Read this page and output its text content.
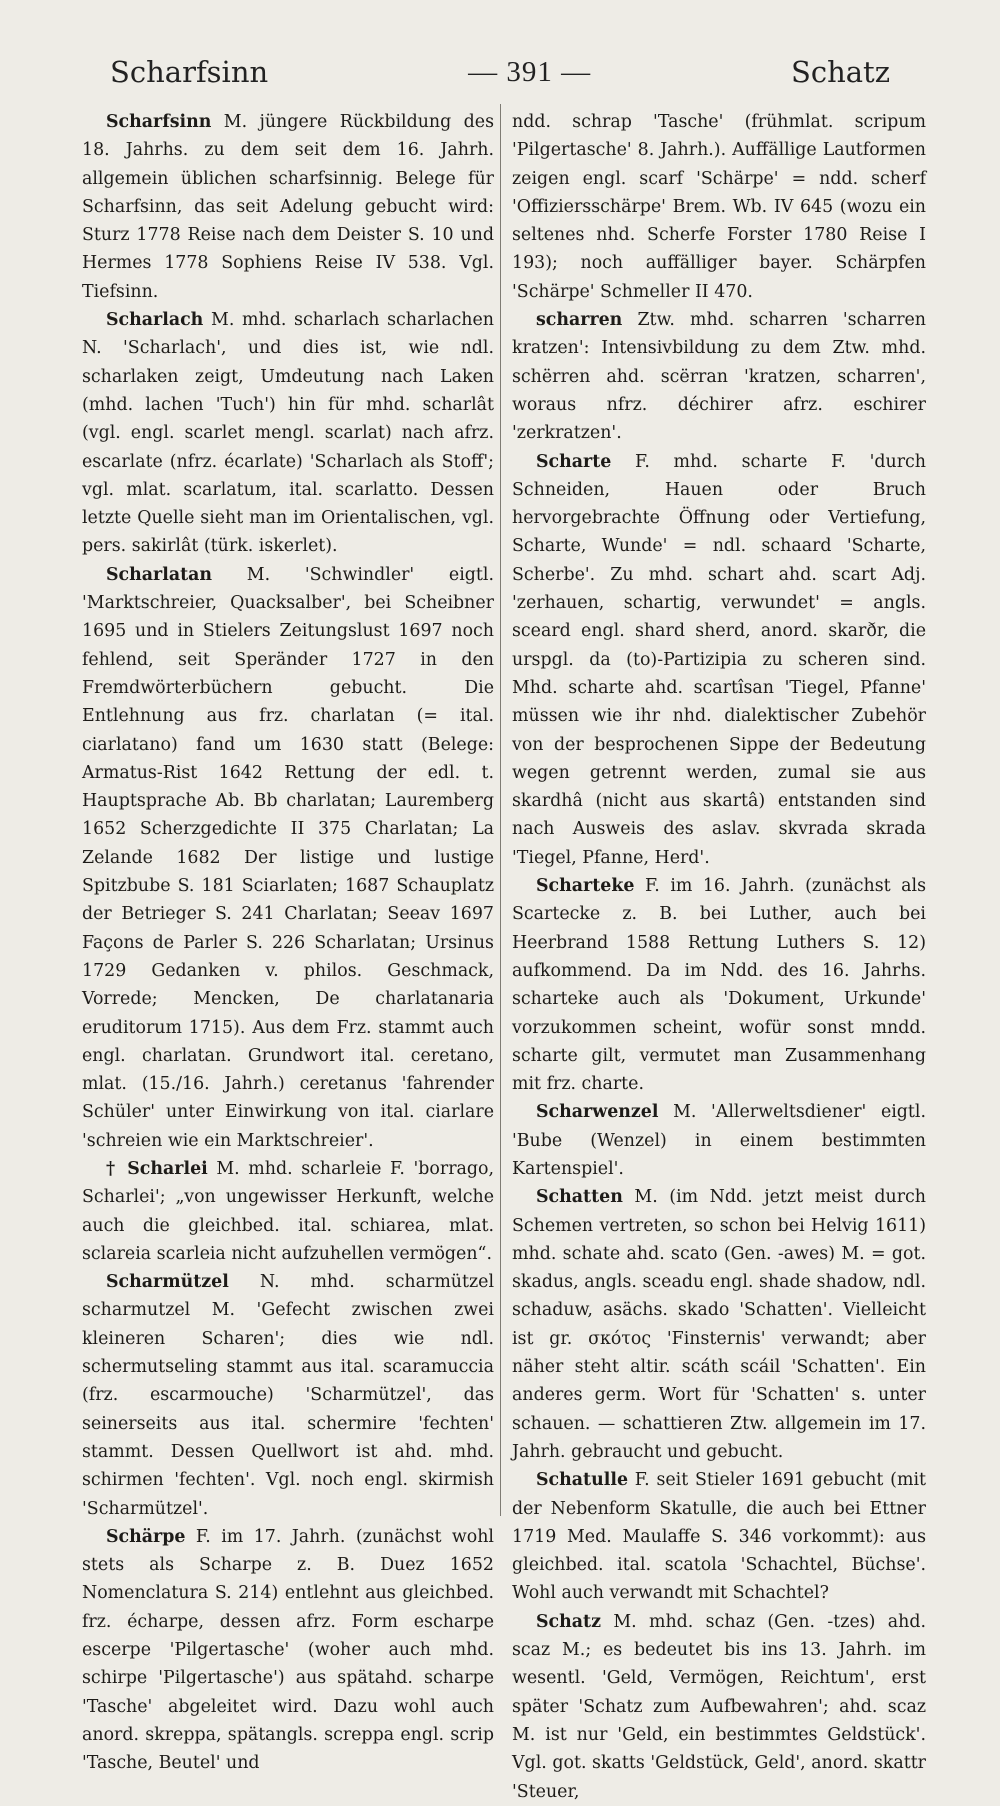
Scharfsinn	— 391 —	Schatz

Scharfsinn M. jüngere Rückbildung des 18. Jahrhs. zu dem seit dem 16. Jahrh. allgemein üblichen scharfsinnig. Belege für Scharfsinn, das seit Adelung gebucht wird: Sturz 1778 Reise nach dem Deister S. 10 und Hermes 1778 Sophiens Reise IV 538. Vgl. Tiefsinn.

Scharlach M. mhd. scharlach scharlachen N. 'Scharlach', und dies ist, wie ndl. scharlaken zeigt, Umdeutung nach Laken (mhd. lachen 'Tuch') hin für mhd. scharlât (vgl. engl. scarlet mengl. scarlat) nach afrz. escarlate (nfrz. écarlate) 'Scharlach als Stoff'; vgl. mlat. scarlatum, ital. scarlatto. Dessen letzte Quelle sieht man im Orientalischen, vgl. pers. sakirlât (türk. iskerlet).

Scharlatan M. 'Schwindler' eigtl. 'Marktschreier, Quacksalber', bei Scheibner 1695 und in Stielers Zeitungslust 1697 noch fehlend, seit Speränder 1727 in den Fremdwörterbüchern gebucht. Die Entlehnung aus frz. charlatan (= ital. ciarlatano) fand um 1630 statt (Belege: Armatus-Rist 1642 Rettung der edl. t. Hauptsprache Ab. Bb charlatan; Lauremberg 1652 Scherzgedichte II 375 Charlatan; La Zelande 1682 Der listige und lustige Spitzbube S. 181 Sciarlaten; 1687 Schauplatz der Betrieger S. 241 Charlatan; Seeav 1697 Façons de Parler S. 226 Scharlatan; Ursinus 1729 Gedanken v. philos. Geschmack, Vorrede; Mencken, De charlatanaria eruditorum 1715). Aus dem Frz. stammt auch engl. charlatan. Grundwort ital. ceretano, mlat. (15./16. Jahrh.) ceretanus 'fahrender Schüler' unter Einwirkung von ital. ciarlare 'schreien wie ein Marktschreier'.

† Scharlei M. mhd. scharleie F. 'borrago, Scharlei'; „von ungewisser Herkunft, welche auch die gleichbed. ital. schiarea, mlat. sclareia scarleia nicht aufzuhellen vermögen“.

Scharmützel N. mhd. scharmützel scharmutzel M. 'Gefecht zwischen zwei kleineren Scharen'; dies wie ndl. schermutseling stammt aus ital. scaramuccia (frz. escarmouche) 'Scharmützel', das seinerseits aus ital. schermire 'fechten' stammt. Dessen Quellwort ist ahd. mhd. schirmen 'fechten'. Vgl. noch engl. skirmish 'Scharmützel'.

Schärpe F. im 17. Jahrh. (zunächst wohl stets als Scharpe z. B. Duez 1652 Nomenclatura S. 214) entlehnt aus gleichbed. frz. écharpe, dessen afrz. Form escharpe escerpe 'Pilgertasche' (woher auch mhd. schirpe 'Pilgertasche') aus spätahd. scharpe 'Tasche' abgeleitet wird. Dazu wohl auch anord. skreppa, spätangls. screppa engl. scrip 'Tasche, Beutel' und

ndd. schrap 'Tasche' (frühmlat. scripum 'Pilgertasche' 8. Jahrh.). Auffällige Lautformen zeigen engl. scarf 'Schärpe' = ndd. scherf 'Offiziersschärpe' Brem. Wb. IV 645 (wozu ein seltenes nhd. Scherfe Forster 1780 Reise I 193); noch auffälliger bayer. Schärpfen 'Schärpe' Schmeller II 470.

scharren Ztw. mhd. scharren 'scharren kratzen': Intensivbildung zu dem Ztw. mhd. schërren ahd. scërran 'kratzen, scharren', woraus nfrz. déchirer afrz. eschirer 'zerkratzen'.

Scharte F. mhd. scharte F. 'durch Schneiden, Hauen oder Bruch hervorgebrachte Öffnung oder Vertiefung, Scharte, Wunde' = ndl. schaard 'Scharte, Scherbe'. Zu mhd. schart ahd. scart Adj. 'zerhauen, schartig, verwundet' = angls. sceard engl. shard sherd, anord. skarðr, die urspgl. da (to)-Partizipia zu scheren sind. Mhd. scharte ahd. scartîsan 'Tiegel, Pfanne' müssen wie ihr nhd. dialektischer Zubehör von der besprochenen Sippe der Bedeutung wegen getrennt werden, zumal sie aus skardhâ (nicht aus skartâ) entstanden sind nach Ausweis des aslav. skvrada skrada 'Tiegel, Pfanne, Herd'.

Scharteke F. im 16. Jahrh. (zunächst als Scartecke z. B. bei Luther, auch bei Heerbrand 1588 Rettung Luthers S. 12) aufkommend. Da im Ndd. des 16. Jahrhs. scharteke auch als 'Dokument, Urkunde' vorzukommen scheint, wofür sonst mndd. scharte gilt, vermutet man Zusammenhang mit frz. charte.

Scharwenzel M. 'Allerweltsdiener' eigtl. 'Bube (Wenzel) in einem bestimmten Kartenspiel'.

Schatten M. (im Ndd. jetzt meist durch Schemen vertreten, so schon bei Helvig 1611) mhd. schate ahd. scato (Gen. -awes) M. = got. skadus, angls. sceadu engl. shade shadow, ndl. schaduw, asächs. skado 'Schatten'. Vielleicht ist gr. σκότος 'Finsternis' verwandt; aber näher steht altir. scáth scáil 'Schatten'. Ein anderes germ. Wort für 'Schatten' s. unter schauen. — schattieren Ztw. allgemein im 17. Jahrh. gebraucht und gebucht.

Schatulle F. seit Stieler 1691 gebucht (mit der Nebenform Skatulle, die auch bei Ettner 1719 Med. Maulaffe S. 346 vorkommt): aus gleichbed. ital. scatola 'Schachtel, Büchse'. Wohl auch verwandt mit Schachtel?

Schatz M. mhd. schaz (Gen. -tzes) ahd. scaz M.; es bedeutet bis ins 13. Jahrh. im wesentl. 'Geld, Vermögen, Reichtum', erst später 'Schatz zum Aufbewahren'; ahd. scaz M. ist nur 'Geld, ein bestimmtes Geldstück'. Vgl. got. skatts 'Geldstück, Geld', anord. skattr 'Steuer,
